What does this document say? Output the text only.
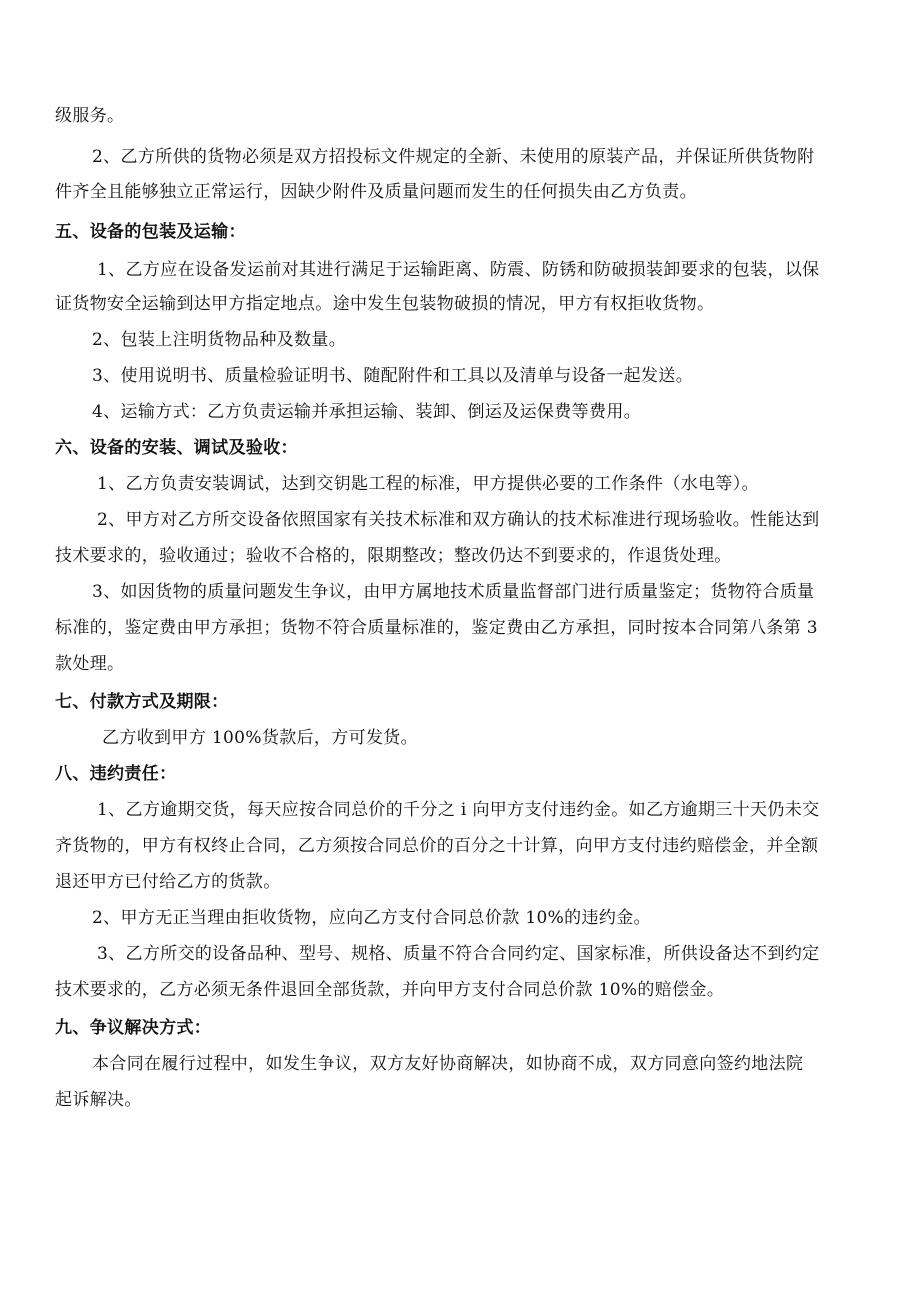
级服务。
2、乙方所供的货物必须是双方招投标文件规定的全新、未使用的原装产品，并保证所供货物附
件齐全且能够独立正常运行，因缺少附件及质量问题而发生的任何损失由乙方负责。
五、设备的包装及运输：
1、乙方应在设备发运前对其进行满足于运输距离、防震、防锈和防破损装卸要求的包装，以保
证货物安全运输到达甲方指定地点。途中发生包装物破损的情况，甲方有权拒收货物。
2、包装上注明货物品种及数量。
3、使用说明书、质量检验证明书、随配附件和工具以及清单与设备一起发送。
4、运输方式：乙方负责运输并承担运输、装卸、倒运及运保费等费用。
六、设备的安装、调试及验收：
1、乙方负责安装调试，达到交钥匙工程的标准，甲方提供必要的工作条件（水电等）。
2、甲方对乙方所交设备依照国家有关技术标准和双方确认的技术标准进行现场验收。性能达到
技术要求的，验收通过；验收不合格的，限期整改；整改仍达不到要求的，作退货处理。
3、如因货物的质量问题发生争议，由甲方属地技术质量监督部门进行质量鉴定；货物符合质量
标准的，鉴定费由甲方承担；货物不符合质量标准的，鉴定费由乙方承担，同时按本合同第八条第 3
款处理。
七、付款方式及期限：
乙方收到甲方 100%货款后，方可发货。
八、违约责任：
1、乙方逾期交货，每天应按合同总价的千分之 i 向甲方支付违约金。如乙方逾期三十天仍未交
齐货物的，甲方有权终止合同，乙方须按合同总价的百分之十计算，向甲方支付违约赔偿金，并全额
退还甲方已付给乙方的货款。
2、甲方无正当理由拒收货物，应向乙方支付合同总价款 10%的违约金。
3、乙方所交的设备品种、型号、规格、质量不符合合同约定、国家标准，所供设备达不到约定
技术要求的，乙方必须无条件退回全部货款，并向甲方支付合同总价款 10%的赔偿金。
九、争议解决方式：
本合同在履行过程中，如发生争议，双方友好协商解决，如协商不成，双方同意向签约地法院
起诉解决。
